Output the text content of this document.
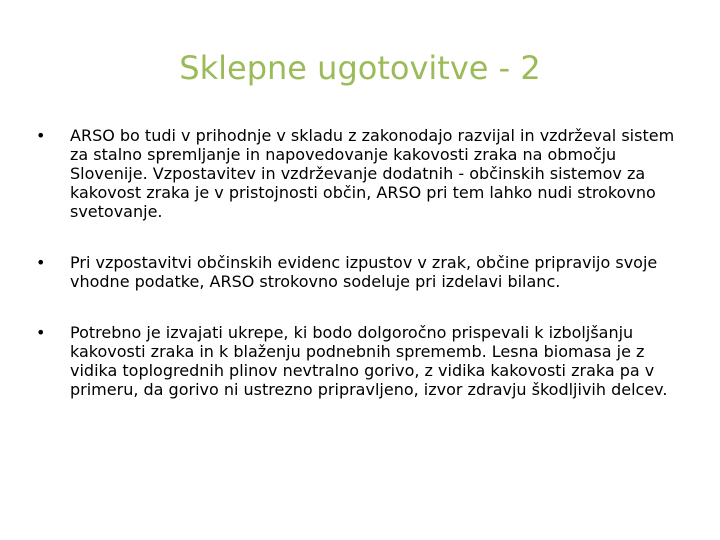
Sklepne ugotovitve - 2
•	ARSO bo tudi v prihodnje v skladu z zakonodajo razvijal in vzdrževal sistem za stalno spremljanje in napovedovanje kakovosti zraka na območju Slovenije. Vzpostavitev in vzdrževanje dodatnih - občinskih sistemov za kakovost zraka je v pristojnosti občin, ARSO pri tem lahko nudi strokovno svetovanje.
•	Pri vzpostavitvi občinskih evidenc izpustov v zrak, občine pripravijo svoje vhodne podatke, ARSO strokovno sodeluje pri izdelavi bilanc.
•	Potrebno je izvajati ukrepe, ki bodo dolgoročno prispevali k izboljšanju kakovosti zraka in k blaženju podnebnih sprememb. Lesna biomasa je z vidika toplogrednih plinov nevtralno gorivo, z vidika kakovosti zraka pa v primeru, da gorivo ni ustrezno pripravljeno, izvor zdravju škodljivih delcev.
